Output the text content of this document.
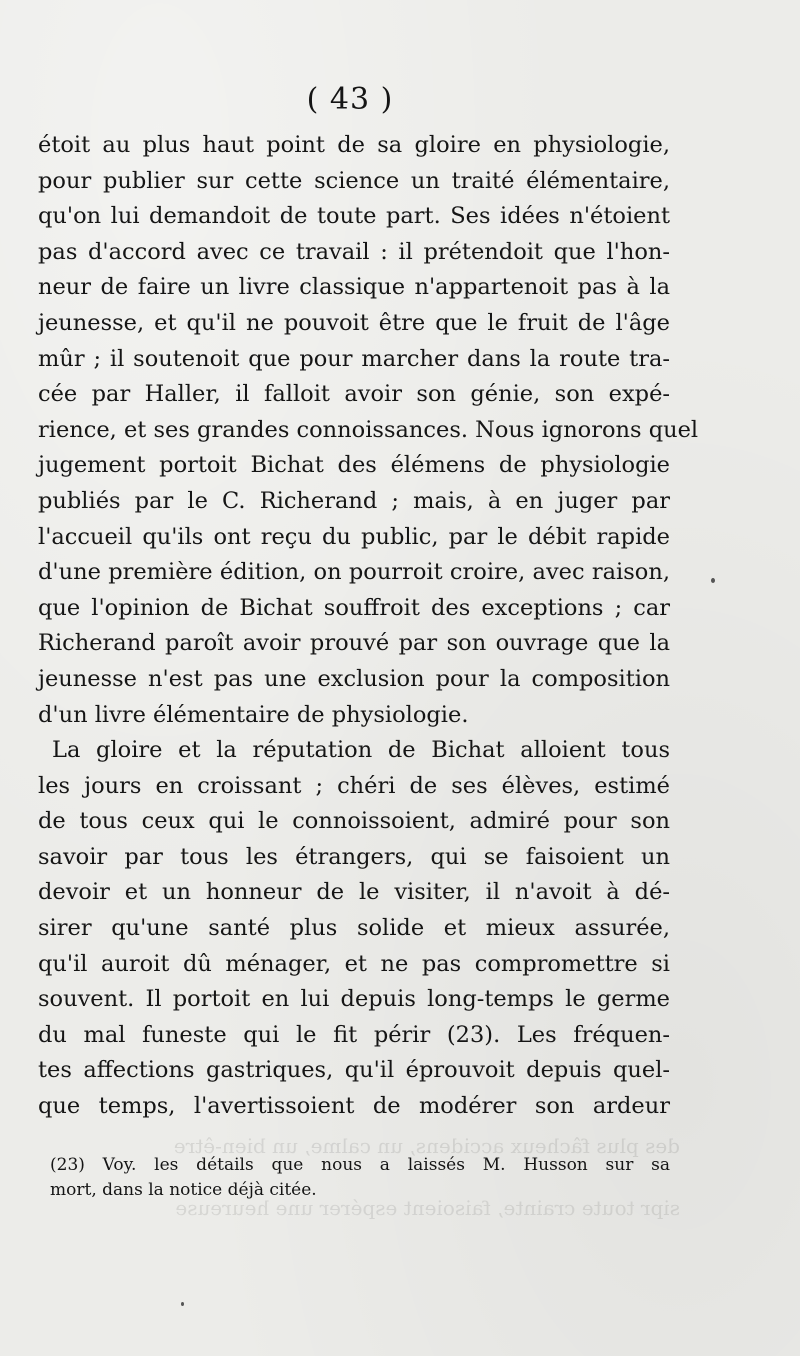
des plus fâcheux accidens, un calme, un bien-être
sipr toute crainte, faisoient espérer une heureuse
( 43 )
étoit au plus haut point de sa gloire en physiologie,
pour publier sur cette science un traité élémentaire,
qu'on lui demandoit de toute part. Ses idées n'étoient
pas d'accord avec ce travail : il prétendoit que l'hon-
neur de faire un livre classique n'appartenoit pas à la
jeunesse, et qu'il ne pouvoit être que le fruit de l'âge
mûr ; il soutenoit que pour marcher dans la route tra-
cée par Haller, il falloit avoir son génie, son expé-
rience, et ses grandes connoissances. Nous ignorons quel
jugement portoit Bichat des élémens de physiologie
publiés par le C. Richerand ; mais, à en juger par
l'accueil qu'ils ont reçu du public, par le débit rapide
d'une première édition, on pourroit croire, avec raison,
que l'opinion de Bichat souffroit des exceptions ; car
Richerand paroît avoir prouvé par son ouvrage que la
jeunesse n'est pas une exclusion pour la composition
d'un livre élémentaire de physiologie.
La gloire et la réputation de Bichat alloient tous
les jours en croissant ; chéri de ses élèves, estimé
de tous ceux qui le connoissoient, admiré pour son
savoir par tous les étrangers, qui se faisoient un
devoir et un honneur de le visiter, il n'avoit à dé-
sirer qu'une santé plus solide et mieux assurée,
qu'il auroit dû ménager, et ne pas compromettre si
souvent. Il portoit en lui depuis long-temps le germe
du mal funeste qui le fit périr (23). Les fréquen-
tes affections gastriques, qu'il éprouvoit depuis quel-
que temps, l'avertissoient de modérer son ardeur
(23) Voy. les détails que nous a laissés M. Husson sur sa
mort, dans la notice déjà citée.
